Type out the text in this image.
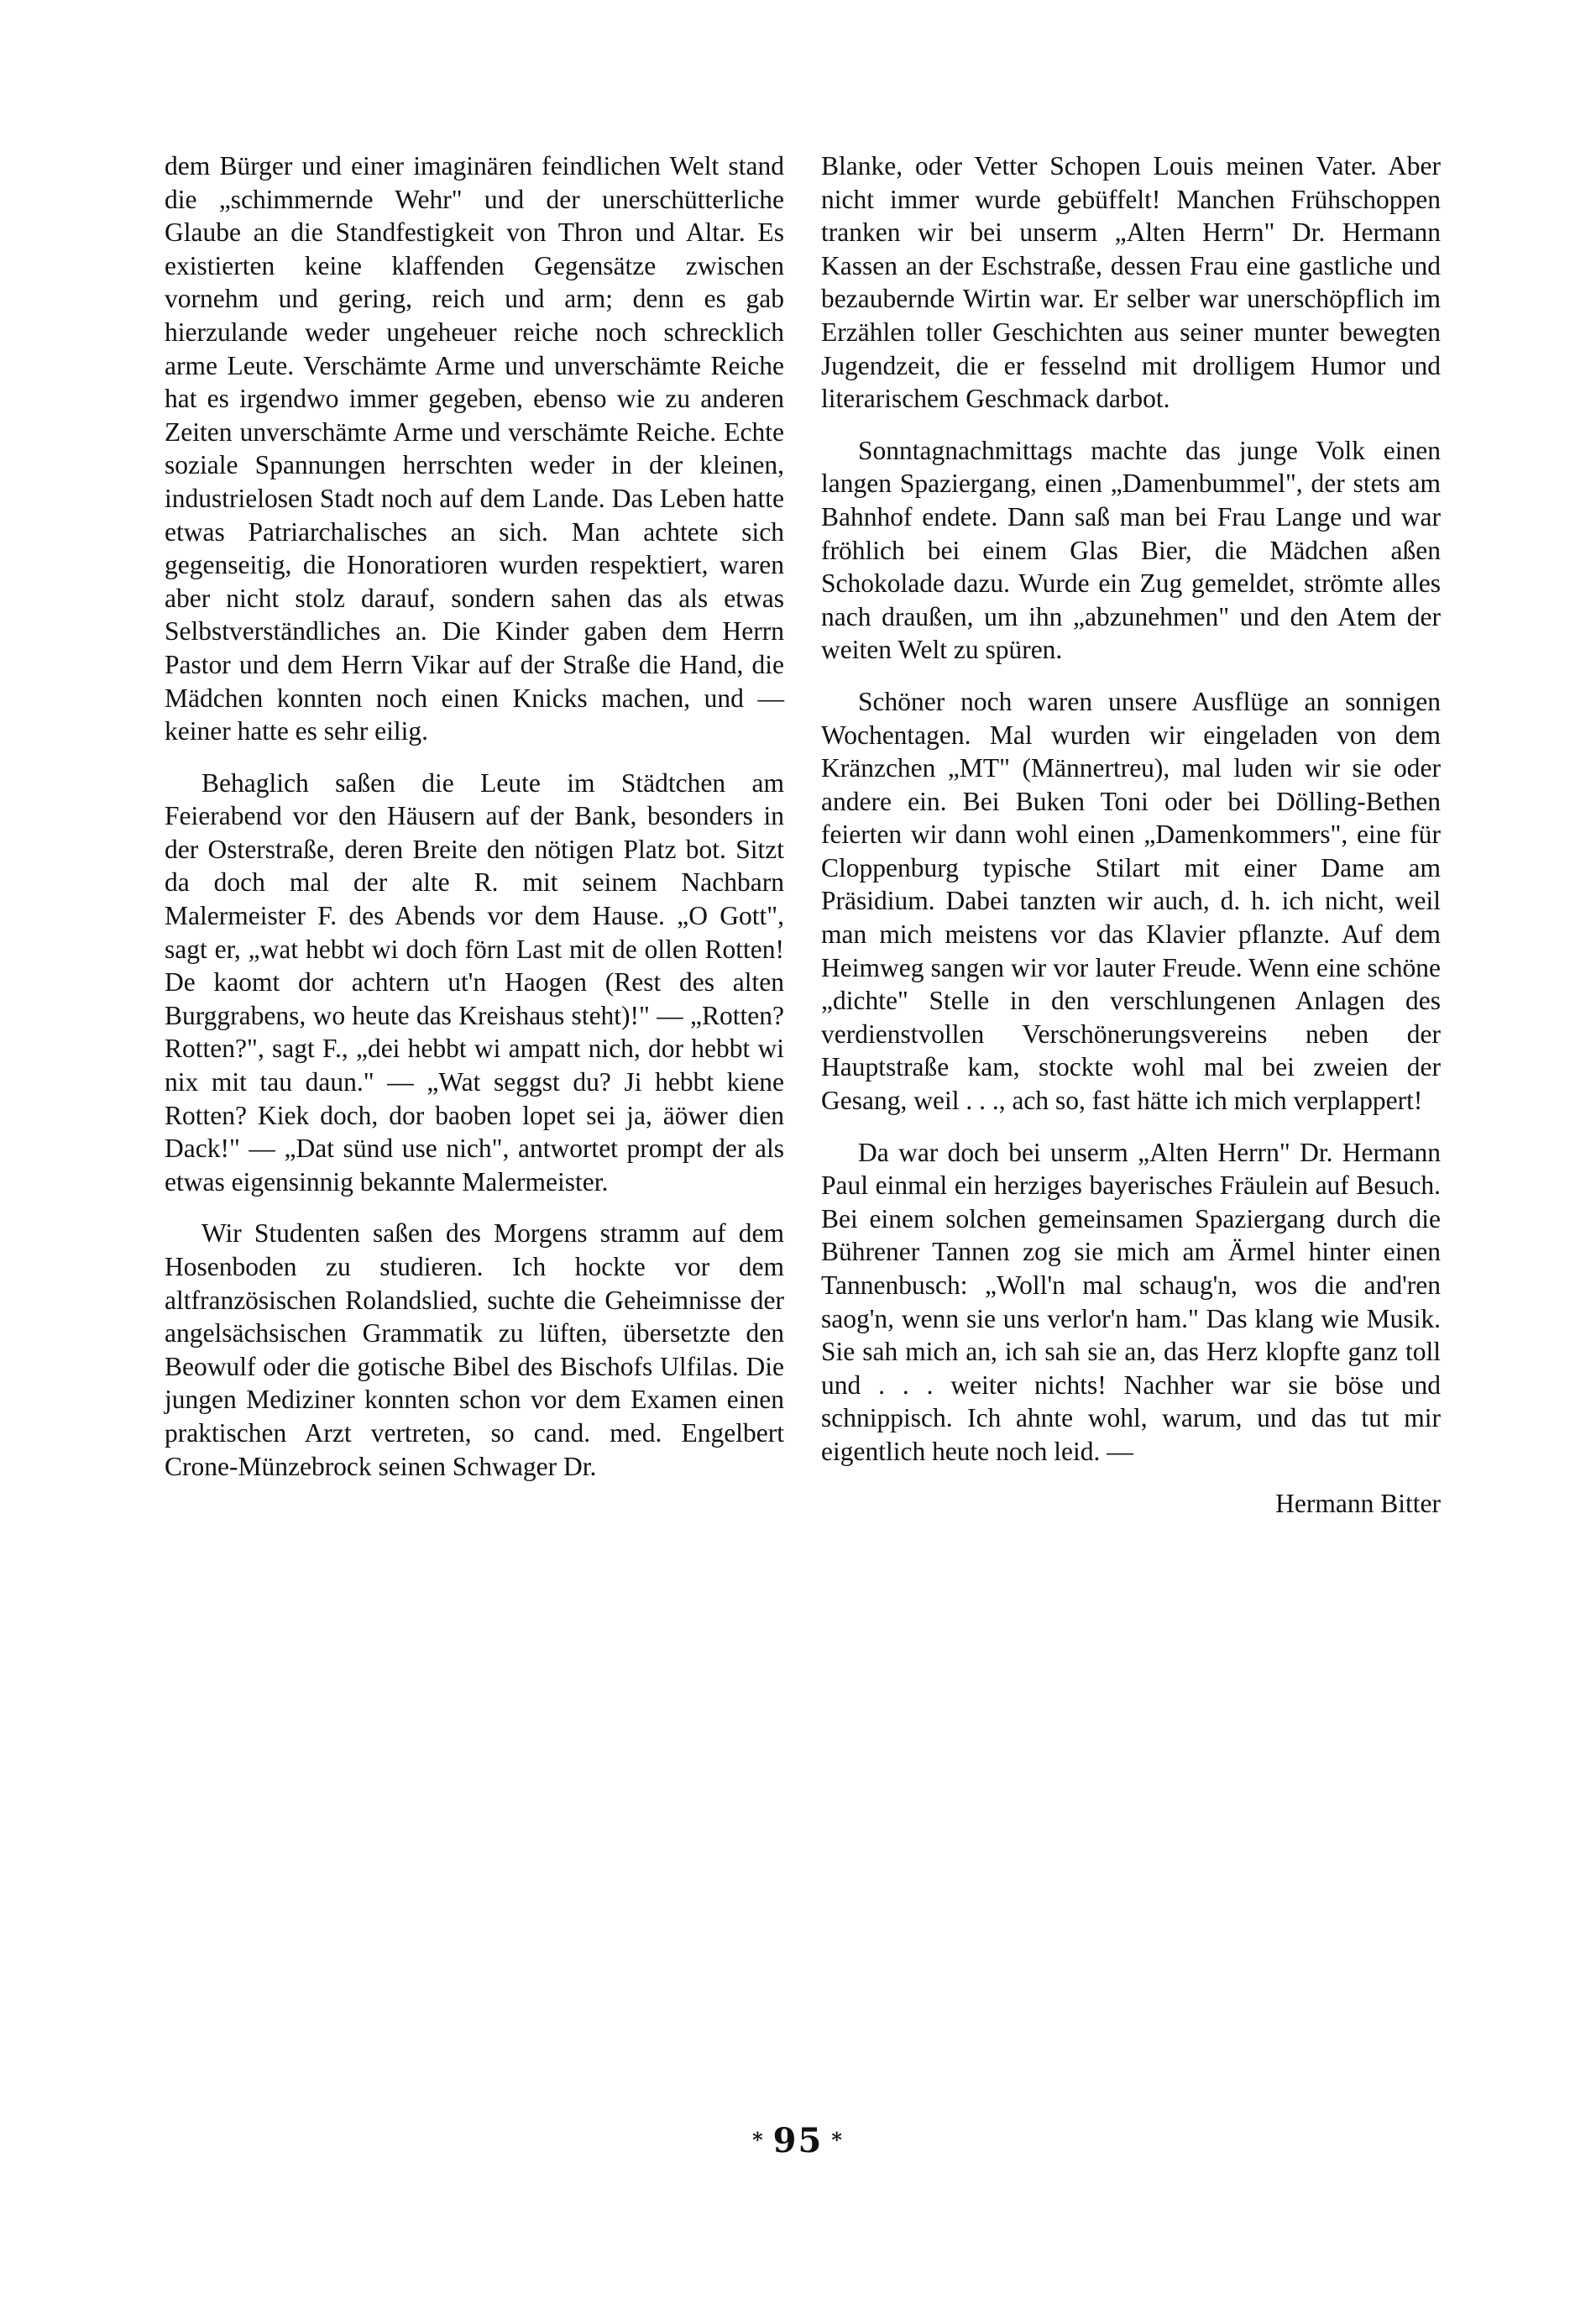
dem Bürger und einer imaginären feindlichen Welt stand die „schimmernde Wehr" und der unerschütterliche Glaube an die Standfestigkeit von Thron und Altar. Es existierten keine klaffenden Gegensätze zwischen vornehm und gering, reich und arm; denn es gab hierzulande weder ungeheuer reiche noch schrecklich arme Leute. Verschämte Arme und unverschämte Reiche hat es irgendwo immer gegeben, ebenso wie zu anderen Zeiten unverschämte Arme und verschämte Reiche. Echte soziale Spannungen herrschten weder in der kleinen, industrielosen Stadt noch auf dem Lande. Das Leben hatte etwas Patriarchalisches an sich. Man achtete sich gegenseitig, die Honoratioren wurden respektiert, waren aber nicht stolz darauf, sondern sahen das als etwas Selbstverständliches an. Die Kinder gaben dem Herrn Pastor und dem Herrn Vikar auf der Straße die Hand, die Mädchen konnten noch einen Knicks machen, und — keiner hatte es sehr eilig.

Behaglich saßen die Leute im Städtchen am Feierabend vor den Häusern auf der Bank, besonders in der Osterstraße, deren Breite den nötigen Platz bot. Sitzt da doch mal der alte R. mit seinem Nachbarn Malermeister F. des Abends vor dem Hause. „O Gott", sagt er, „wat hebbt wi doch förn Last mit de ollen Rotten! De kaomt dor achtern ut'n Haogen (Rest des alten Burggrabens, wo heute das Kreishaus steht)!" — „Rotten? Rotten?", sagt F., „dei hebbt wi ampatt nich, dor hebbt wi nix mit tau daun." — „Wat seggst du? Ji hebbt kiene Rotten? Kiek doch, dor baoben lopet sei ja, äöwer dien Dack!" — „Dat sünd use nich", antwortet prompt der als etwas eigensinnig bekannte Malermeister.

Wir Studenten saßen des Morgens stramm auf dem Hosenboden zu studieren. Ich hockte vor dem altfranzösischen Rolandslied, suchte die Geheimnisse der angelsächsischen Grammatik zu lüften, übersetzte den Beowulf oder die gotische Bibel des Bischofs Ulfilas. Die jungen Mediziner konnten schon vor dem Examen einen praktischen Arzt vertreten, so cand. med. Engelbert Crone-Münzebrock seinen Schwager Dr.

Blanke, oder Vetter Schopen Louis meinen Vater. Aber nicht immer wurde gebüffelt! Manchen Frühschoppen tranken wir bei unserm „Alten Herrn" Dr. Hermann Kassen an der Eschstraße, dessen Frau eine gastliche und bezaubernde Wirtin war. Er selber war unerschöpflich im Erzählen toller Geschichten aus seiner munter bewegten Jugendzeit, die er fesselnd mit drolligem Humor und literarischem Geschmack darbot.

Sonntagnachmittags machte das junge Volk einen langen Spaziergang, einen „Damenbummel", der stets am Bahnhof endete. Dann saß man bei Frau Lange und war fröhlich bei einem Glas Bier, die Mädchen aßen Schokolade dazu. Wurde ein Zug gemeldet, strömte alles nach draußen, um ihn „abzunehmen" und den Atem der weiten Welt zu spüren.

Schöner noch waren unsere Ausflüge an sonnigen Wochentagen. Mal wurden wir eingeladen von dem Kränzchen „MT" (Männertreu), mal luden wir sie oder andere ein. Bei Buken Toni oder bei Dölling-Bethen feierten wir dann wohl einen „Damenkommers", eine für Cloppenburg typische Stilart mit einer Dame am Präsidium. Dabei tanzten wir auch, d. h. ich nicht, weil man mich meistens vor das Klavier pflanzte. Auf dem Heimweg sangen wir vor lauter Freude. Wenn eine schöne „dichte" Stelle in den verschlungenen Anlagen des verdienstvollen Verschönerungsvereins neben der Hauptstraße kam, stockte wohl mal bei zweien der Gesang, weil . . ., ach so, fast hätte ich mich verplappert!

Da war doch bei unserm „Alten Herrn" Dr. Hermann Paul einmal ein herziges bayerisches Fräulein auf Besuch. Bei einem solchen gemeinsamen Spaziergang durch die Bührener Tannen zog sie mich am Ärmel hinter einen Tannenbusch: „Woll'n mal schaug'n, wos die and'ren saog'n, wenn sie uns verlor'n ham." Das klang wie Musik. Sie sah mich an, ich sah sie an, das Herz klopfte ganz toll und . . . weiter nichts! Nachher war sie böse und schnippisch. Ich ahnte wohl, warum, und das tut mir eigentlich heute noch leid. —

Hermann Bitter
* 95 *
